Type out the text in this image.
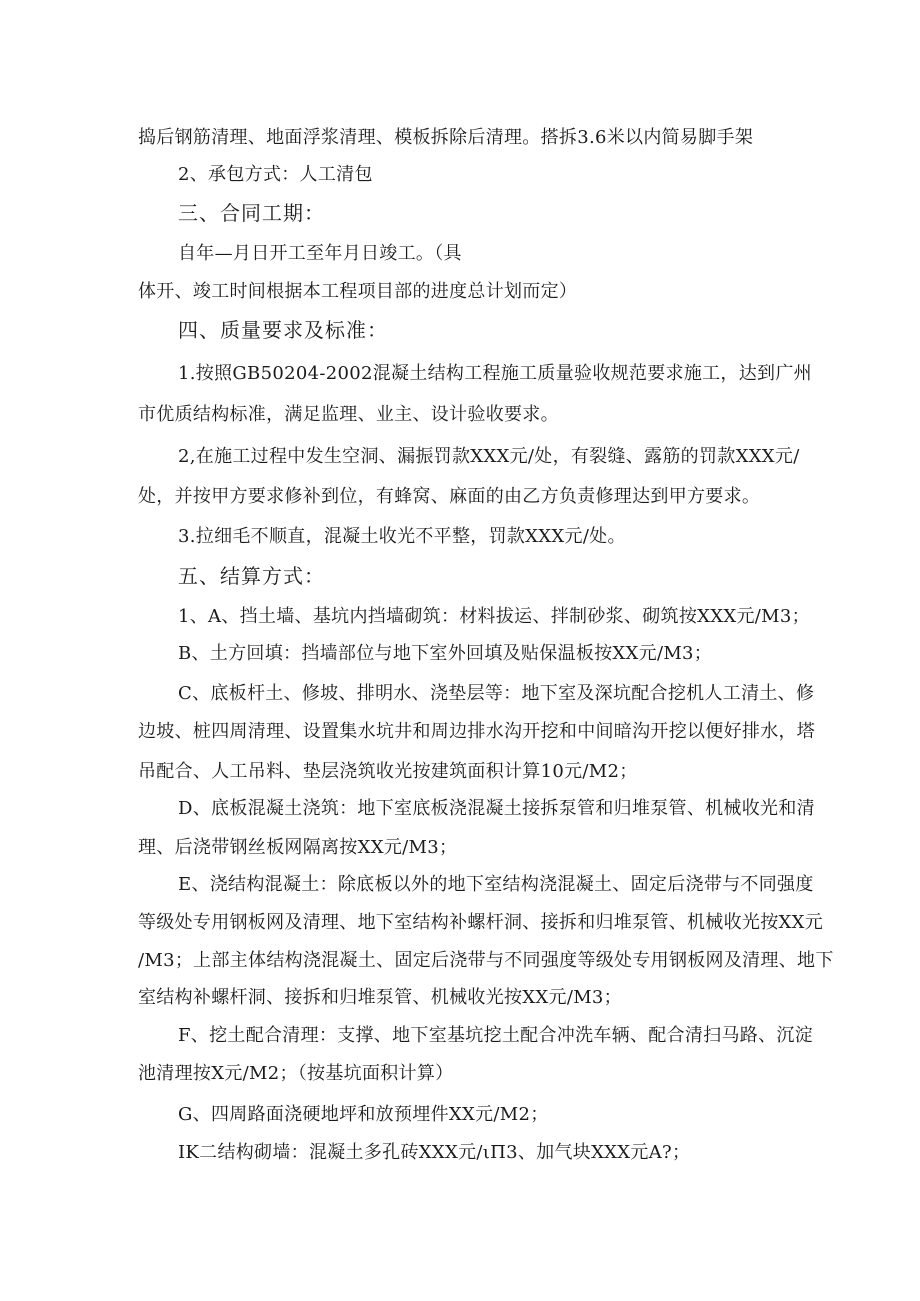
捣后钢筋清理、地面浮浆清理、模板拆除后清理。搭拆3.6米以内简易脚手架
2、承包方式：人工清包
三、合同工期：
自年—月日开工至年月日竣工。（具
体开、竣工时间根据本工程项目部的进度总计划而定）
四、质量要求及标准：
1.按照GB50204-2002混凝土结构工程施工质量验收规范要求施工，达到广州
市优质结构标准，满足监理、业主、设计验收要求。
2,在施工过程中发生空洞、漏振罚款XXX元/处，有裂缝、露筋的罚款XXX元/
处，并按甲方要求修补到位，有蜂窝、麻面的由乙方负责修理达到甲方要求。
3.拉细毛不顺直，混凝土收光不平整，罚款XXX元/处。
五、结算方式：
1、A、挡土墙、基坑内挡墙砌筑：材料拔运、拌制砂浆、砌筑按XXX元/M3；
B、土方回填：挡墙部位与地下室外回填及贴保温板按XX元/M3；
C、底板杆土、修坡、排明水、浇垫层等：地下室及深坑配合挖机人工清土、修
边坡、桩四周清理、设置集水坑井和周边排水沟开挖和中间暗沟开挖以便好排水，塔
吊配合、人工吊料、垫层浇筑收光按建筑面积计算10元/M2；
D、底板混凝土浇筑：地下室底板浇混凝土接拆泵管和归堆泵管、机械收光和清
理、后浇带钢丝板网隔离按XX元/M3；
E、浇结构混凝土：除底板以外的地下室结构浇混凝土、固定后浇带与不同强度
等级处专用钢板网及清理、地下室结构补螺杆洞、接拆和归堆泵管、机械收光按XX元
/M3；上部主体结构浇混凝土、固定后浇带与不同强度等级处专用钢板网及清理、地下
室结构补螺杆洞、接拆和归堆泵管、机械收光按XX元/M3；
F、挖土配合清理：支撑、地下室基坑挖土配合冲洗车辆、配合清扫马路、沉淀
池清理按X元/M2；（按基坑面积计算）
G、四周路面浇硬地坪和放预埋件XX元/M2；
IK二结构砌墙：混凝土多孔砖XXX元/ιΠ3、加气块XXX元A?；
